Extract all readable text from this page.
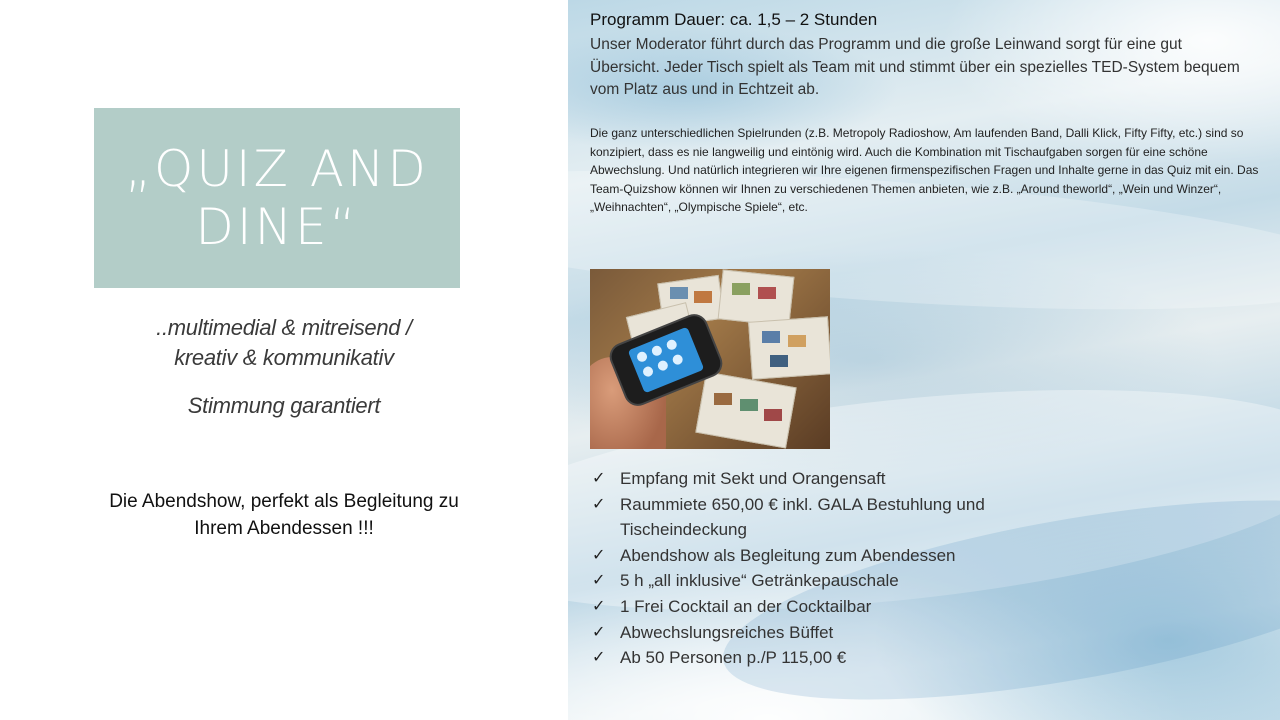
„QUIZ AND
DINE“
..multimedial & mitreisend /
kreativ & kommunikativ
Stimmung garantiert
Die Abendshow, perfekt als Begleitung zu
Ihrem Abendessen !!!
Programm Dauer: ca. 1,5 – 2 Stunden
Unser Moderator führt durch das Programm und die große Leinwand sorgt für eine gut Übersicht. Jeder Tisch spielt als Team mit und stimmt über ein spezielles TED-System bequem vom Platz aus und in Echtzeit ab.
Die ganz unterschiedlichen Spielrunden (z.B. Metropoly Radioshow, Am laufenden Band, Dalli Klick, Fifty Fifty, etc.) sind so konzipiert, dass es nie langweilig und eintönig wird. Auch die Kombination mit Tischaufgaben sorgen für eine schöne Abwechslung. Und natürlich integrieren wir Ihre eigenen firmenspezifischen Fragen und Inhalte gerne in das Quiz mit ein. Das Team-Quizshow können wir Ihnen zu verschiedenen Themen anbieten, wie z.B. „Around theworld“, „Wein und Winzer“, „Weihnachten“, „Olympische Spiele“, etc.
✓ Empfang mit Sekt und Orangensaft
✓ Raummiete 650,00 € inkl. GALA Bestuhlung und Tischeindeckung
✓ Abendshow als Begleitung zum Abendessen
✓ 5 h „all inklusive“ Getränkepauschale
✓ 1 Frei Cocktail an der Cocktailbar
✓ Abwechslungsreiches Büffet
✓ Ab 50 Personen p./P 115,00 €
